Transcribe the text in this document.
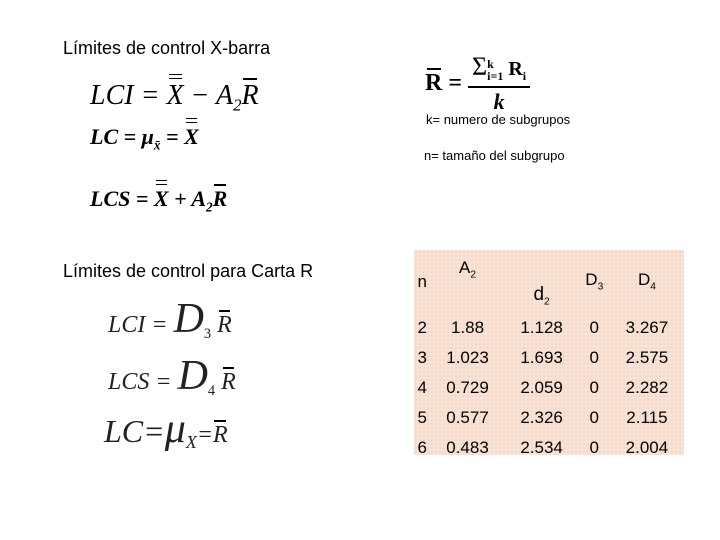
Límites de control X-barra
LCI = $X - A_2R$
LC = $\mu_{x̄} = X$
LCS = $X + A_2R$
R = Σ k
i=1 $R_i$
k
k= numero de subgrupos
n= tamaño del subgrupo
Límites de control para Carta R
LCI = $D_3$ R
LCS = $D_4$ R
$LC=\mu_X=R$
n	$A_2$	$d_2$	$D_3$	$D_4$
2	1.88	1.128	0	3.267
3	1.023	1.693	0	2.575
4	0.729	2.059	0	2.282
5	0.577	2.326	0	2.115
6	0.483	2.534	0	2.004
